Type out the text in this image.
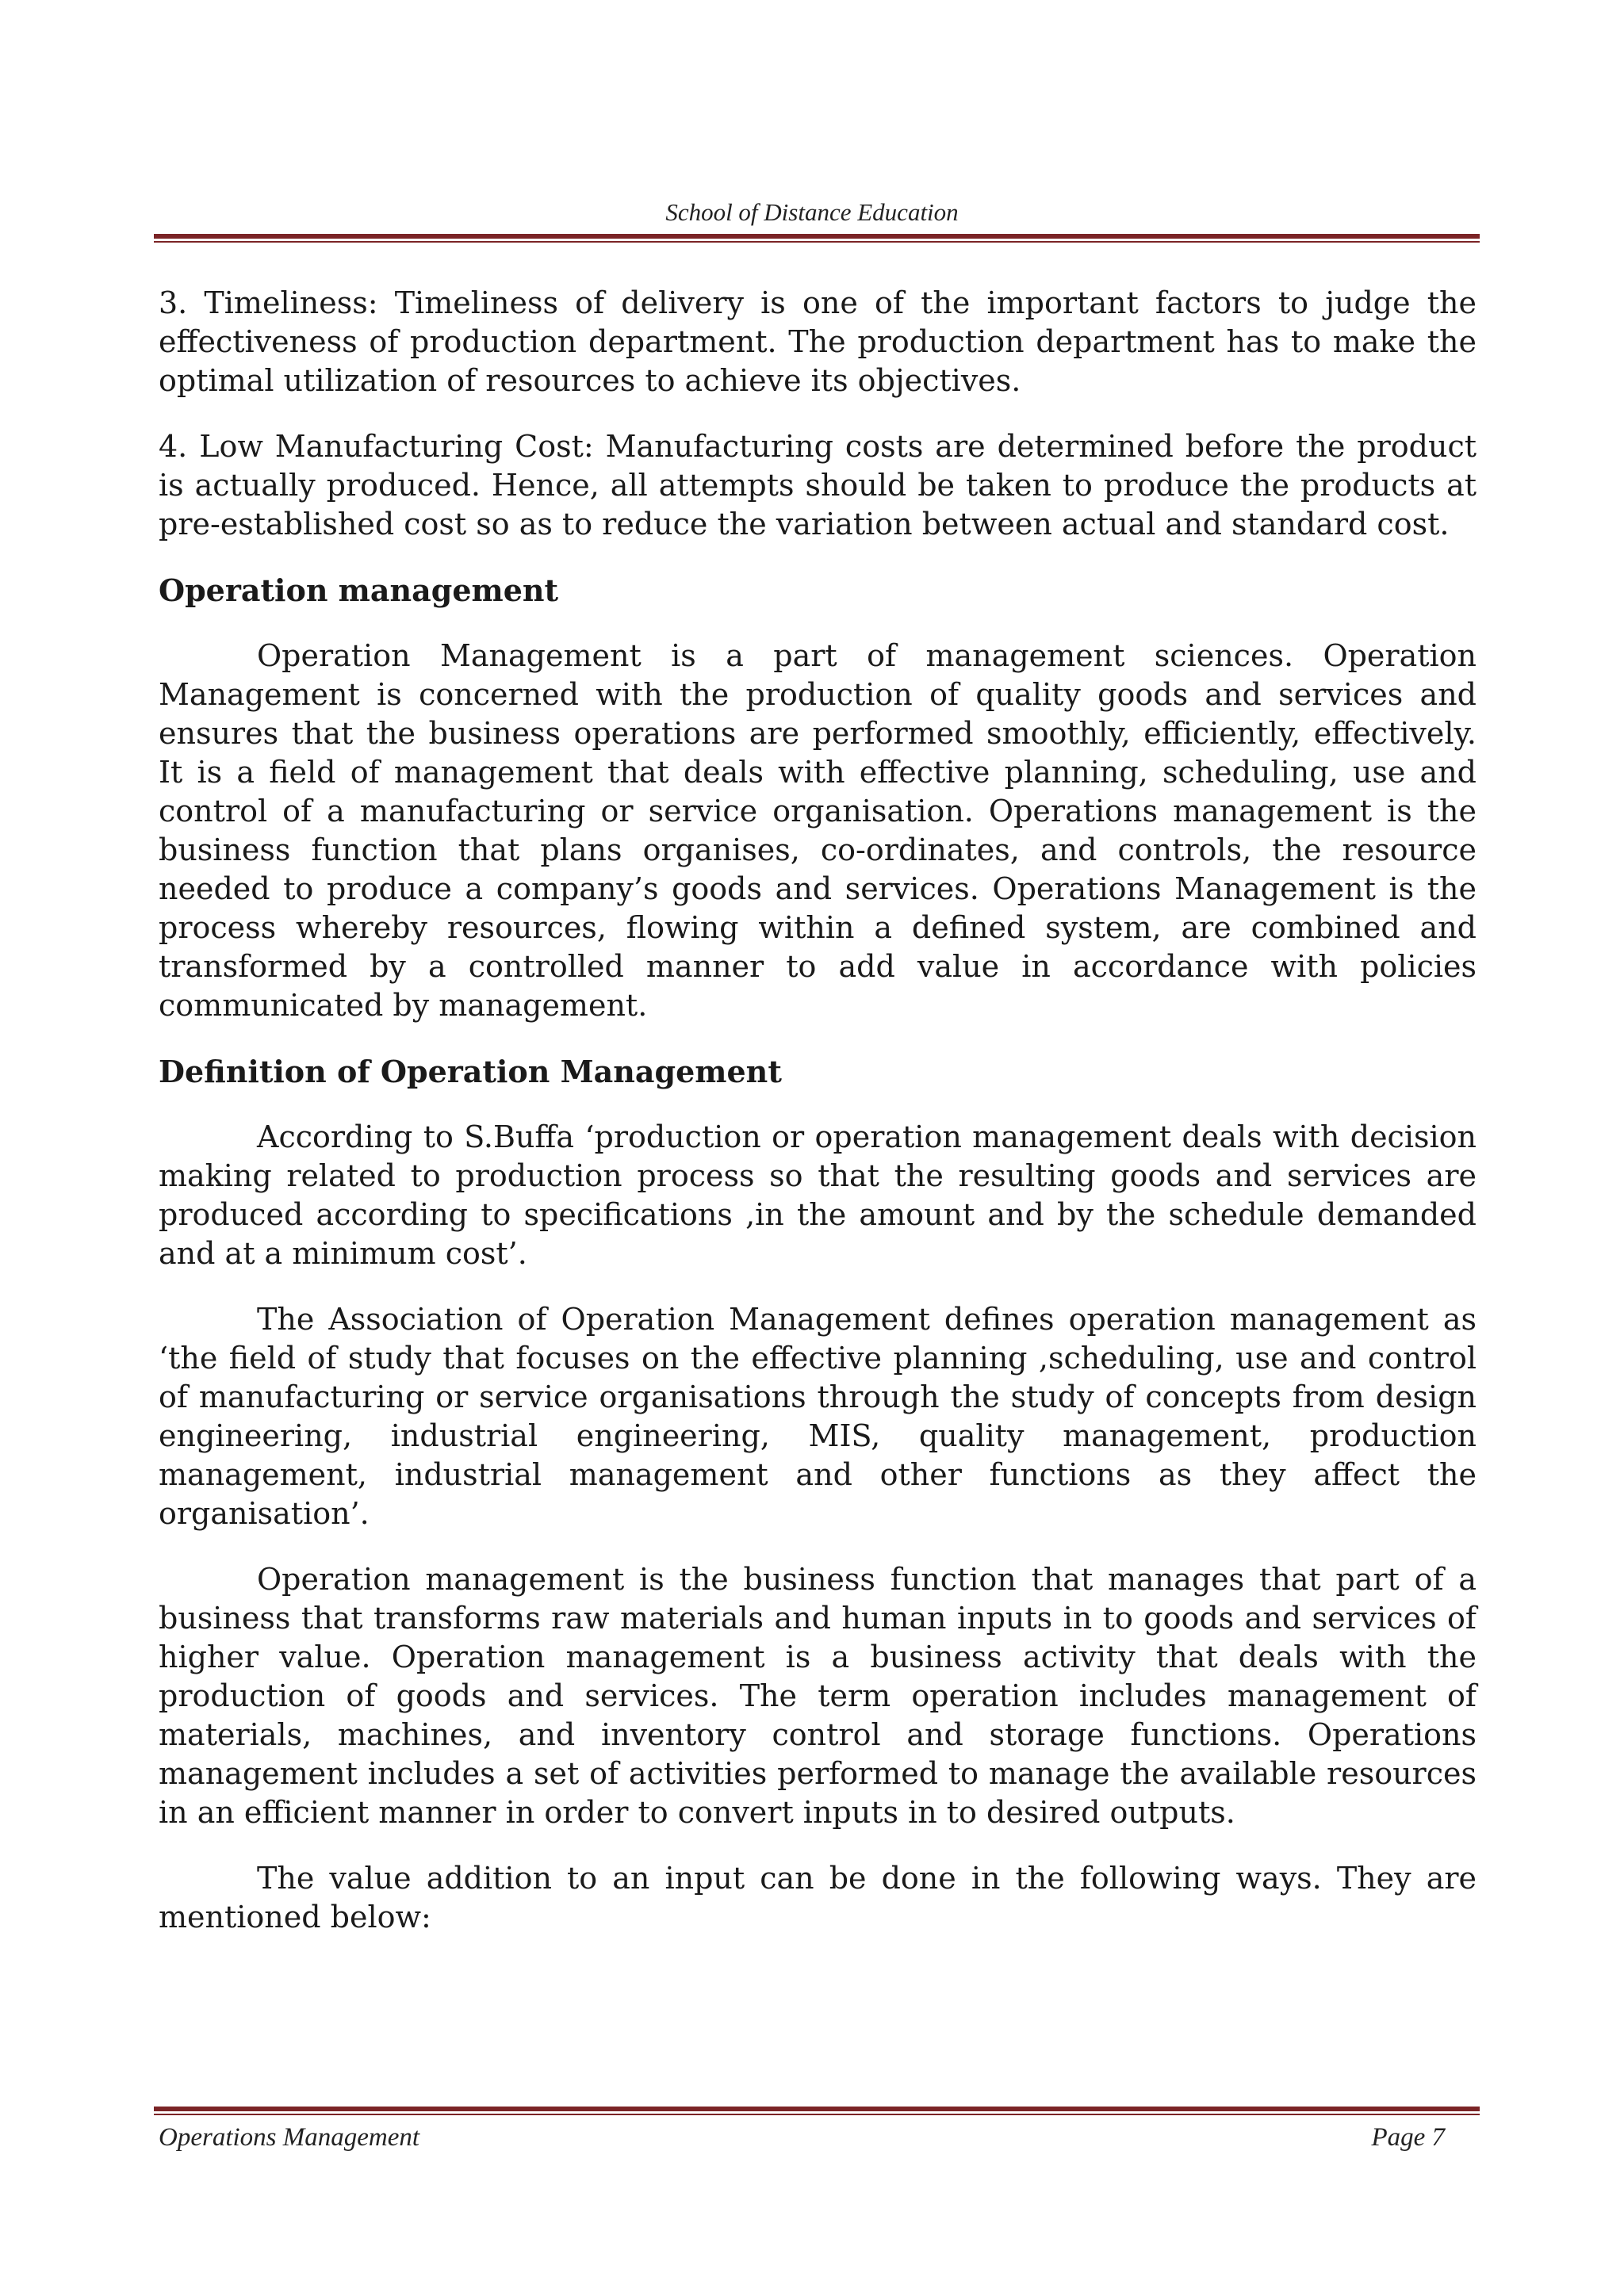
School of Distance Education

3. Timeliness: Timeliness of delivery is one of the important factors to judge the effectiveness of production department. The production department has to make the optimal utilization of resources to achieve its objectives.

4. Low Manufacturing Cost: Manufacturing costs are determined before the product is actually produced. Hence, all attempts should be taken to produce the products at pre-established cost so as to reduce the variation between actual and standard cost.

Operation management

Operation Management is a part of management sciences. Operation Management is concerned with the production of quality goods and services and ensures that the business operations are performed smoothly, efficiently, effectively. It is a field of management that deals with effective planning, scheduling, use and control of a manufacturing or service organisation. Operations management is the business function that plans organises, co-ordinates, and controls, the resource needed to produce a company’s goods and services. Operations Management is the process whereby resources, flowing within a defined system, are combined and transformed by a controlled manner to add value in accordance with policies communicated by management.

Definition of Operation Management

According to S.Buffa ‘production or operation management deals with decision making related to production process so that the resulting goods and services are produced according to specifications ,in the amount and by the schedule demanded and at a minimum cost’.

The Association of Operation Management defines operation management as ‘the field of study that focuses on the effective planning ,scheduling, use and control of manufacturing or service organisations through the study of concepts from design engineering, industrial engineering, MIS, quality management, production management, industrial management and other functions as they affect the organisation’.

Operation management is the business function that manages that part of a business that transforms raw materials and human inputs in to goods and services of higher value. Operation management is a business activity that deals with the production of goods and services. The term operation includes management of materials, machines, and inventory control and storage functions. Operations management includes a set of activities performed to manage the available resources in an efficient manner in order to convert inputs in to desired outputs.

The value addition to an input can be done in the following ways. They are mentioned below:

Operations Management	Page 7
